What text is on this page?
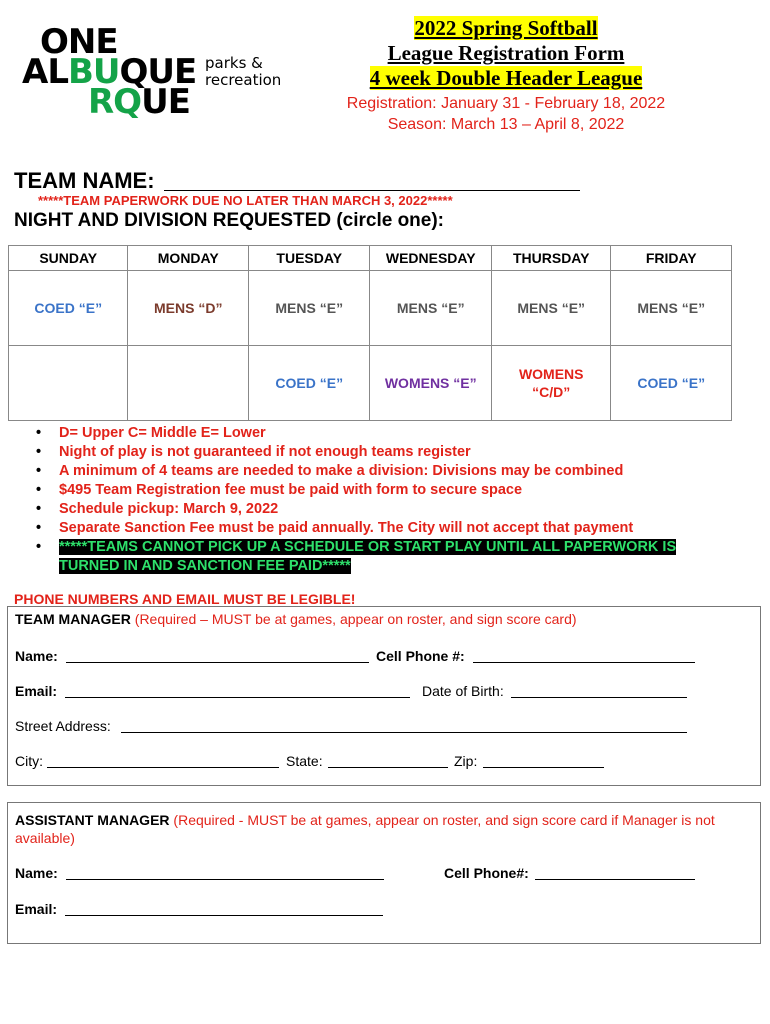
ONE
ALBUQUE
RQUE
parks &
recreation
2022 Spring Softball
League Registration Form
4 week Double Header League
Registration: January 31 - February 18, 2022
Season: March 13 – April 8, 2022
TEAM NAME:
*****TEAM PAPERWORK DUE NO LATER THAN MARCH 3, 2022*****
NIGHT AND DIVISION REQUESTED (circle one):
SUNDAY	MONDAY	TUESDAY	WEDNESDAY	THURSDAY	FRIDAY
COED “E”	MENS “D”	MENS “E”	MENS “E”	MENS “E”	MENS “E”
		COED “E”	WOMENS “E”	WOMENS “C/D”	COED “E”
• D= Upper C= Middle E= Lower
• Night of play is not guaranteed if not enough teams register
• A minimum of 4 teams are needed to make a division: Divisions may be combined
• $495 Team Registration fee must be paid with form to secure space
• Schedule pickup: March 9, 2022
• Separate Sanction Fee must be paid annually. The City will not accept that payment
• *****TEAMS CANNOT PICK UP A SCHEDULE OR START PLAY UNTIL ALL PAPERWORK IS TURNED IN AND SANCTION FEE PAID*****
PHONE NUMBERS AND EMAIL MUST BE LEGIBLE!
TEAM MANAGER (Required – MUST be at games, appear on roster, and sign score card)
Name:	Cell Phone #:
Email:	Date of Birth:
Street Address:
City:	State:	Zip:
ASSISTANT MANAGER (Required - MUST be at games, appear on roster, and sign score card if Manager is not available)
Name:	Cell Phone#:
Email:
